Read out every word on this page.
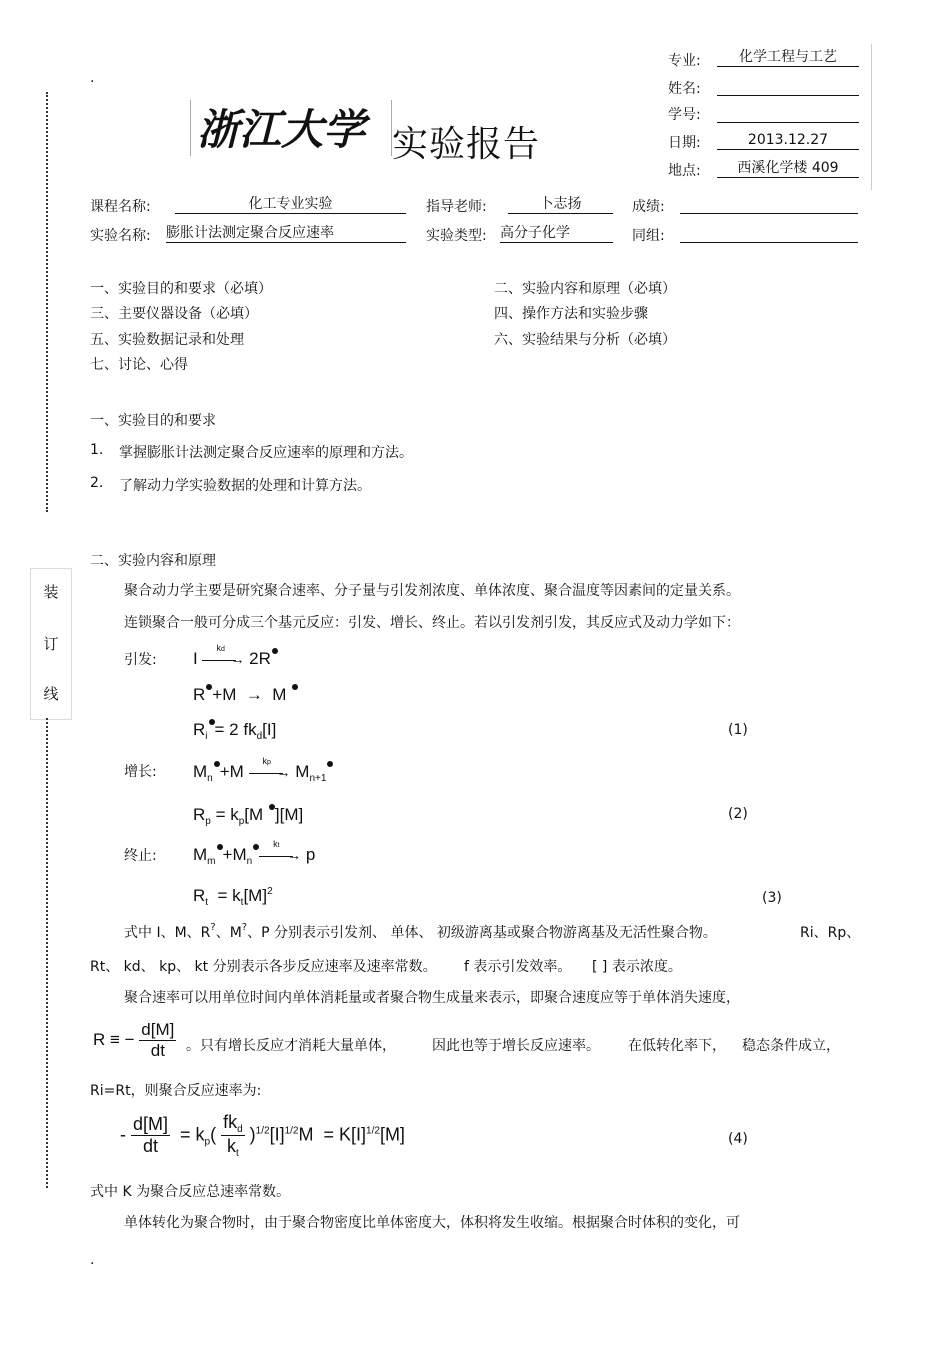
装
订
线
.
.
浙江大学 实验报告
专业:	化学工程与工艺
姓名:
学号:
日期:	2013.12.27
地点:	西溪化学楼 409
课程名称:	化工专业实验	指导老师:	卜志扬	成绩:
实验名称: 膨胀计法测定聚合反应速率	实验类型: 高分子化学	同组:
一、实验目的和要求（必填）	二、实验内容和原理（必填）
三、主要仪器设备（必填）	四、操作方法和实验步骤
五、实验数据记录和处理	六、实验结果与分析（必填）
七、讨论、心得
一、实验目的和要求
1. 掌握膨胀计法测定聚合反应速率的原理和方法。
2. 了解动力学实验数据的处理和计算方法。
二、实验内容和原理
聚合动力学主要是研究聚合速率、分子量与引发剂浓度、单体浓度、聚合温度等因素间的定量关系。
连锁聚合一般可分成三个基元反应：引发、增长、终止。若以引发剂引发，其反应式及动力学如下：
引发: I →
kd 2R
R +M  →  M
$R_i = 2$ $fk_d[I]$	(1)
增长: $M_n +M$ →
kp $M_{n+1}$
$R_p = k_p[M$ ][M]	(2)
终止: $M_m +M_n$	→
kt p
$R_t = k_t[M]^2$	(3)
式中 I、M、R?、M?、P 分别表示引发剂、 单体、 初级游离基或聚合物游离基及无活性聚合物。	Ri、Rp、
Rt、 kd、 kp、 kt 分别表示各步反应速率及速率常数。 f 表示引发效率。 [ ] 表示浓度。
聚合速率可以用单位时间内单体消耗量或者聚合物生成量来表示，即聚合速度应等于单体消失速度，
R ≡ − $\frac{d[M]}{dt}$ 。只有增长反应才消耗大量单体，	因此也等于增长反应速率。 在低转化率下， 稳态条件成立，
Ri=Rt，则聚合反应速率为:
- $\frac{d[M]}{dt} = k_p( \frac{fk_d}{k_t} )^{1/2}[I]^{1/2}M = K[I]^{1/2}[M]$	(4)
式中 K 为聚合反应总速率常数。
单体转化为聚合物时，由于聚合物密度比单体密度大，体积将发生收缩。根据聚合时体积的变化，可
